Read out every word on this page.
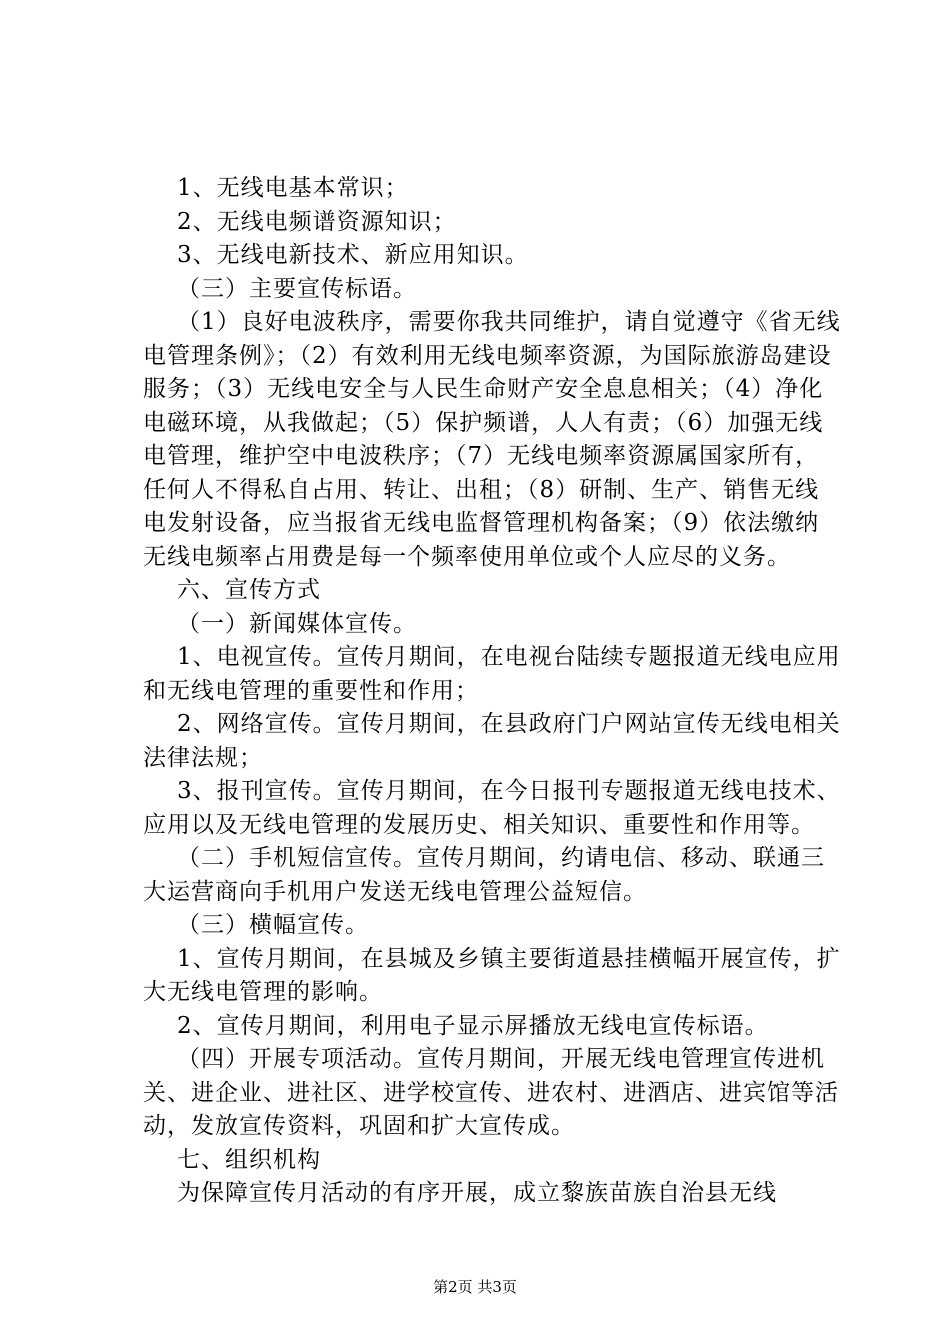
1、无线电基本常识；

2、无线电频谱资源知识；

3、无线电新技术、新应用知识。

（三）主要宣传标语。

（1）良好电波秩序，需要你我共同维护，请自觉遵守《省无线电管理条例》；（2）有效利用无线电频率资源，为国际旅游岛建设服务；（3）无线电安全与人民生命财产安全息息相关；（4）净化电磁环境，从我做起；（5）保护频谱，人人有责；（6）加强无线电管理，维护空中电波秩序；（7）无线电频率资源属国家所有，任何人不得私自占用、转让、出租；（8）研制、生产、销售无线电发射设备，应当报省无线电监督管理机构备案；（9）依法缴纳无线电频率占用费是每一个频率使用单位或个人应尽的义务。

六、宣传方式

（一）新闻媒体宣传。

1、电视宣传。宣传月期间，在电视台陆续专题报道无线电应用和无线电管理的重要性和作用；

2、网络宣传。宣传月期间，在县政府门户网站宣传无线电相关法律法规；

3、报刊宣传。宣传月期间，在今日报刊专题报道无线电技术、应用以及无线电管理的发展历史、相关知识、重要性和作用等。

（二）手机短信宣传。宣传月期间，约请电信、移动、联通三大运营商向手机用户发送无线电管理公益短信。

（三）横幅宣传。

1、宣传月期间，在县城及乡镇主要街道悬挂横幅开展宣传，扩大无线电管理的影响。

2、宣传月期间，利用电子显示屏播放无线电宣传标语。

（四）开展专项活动。宣传月期间，开展无线电管理宣传进机关、进企业、进社区、进学校宣传、进农村、进酒店、进宾馆等活动，发放宣传资料，巩固和扩大宣传成。

七、组织机构

为保障宣传月活动的有序开展，成立黎族苗族自治县无线

第2页 共3页
